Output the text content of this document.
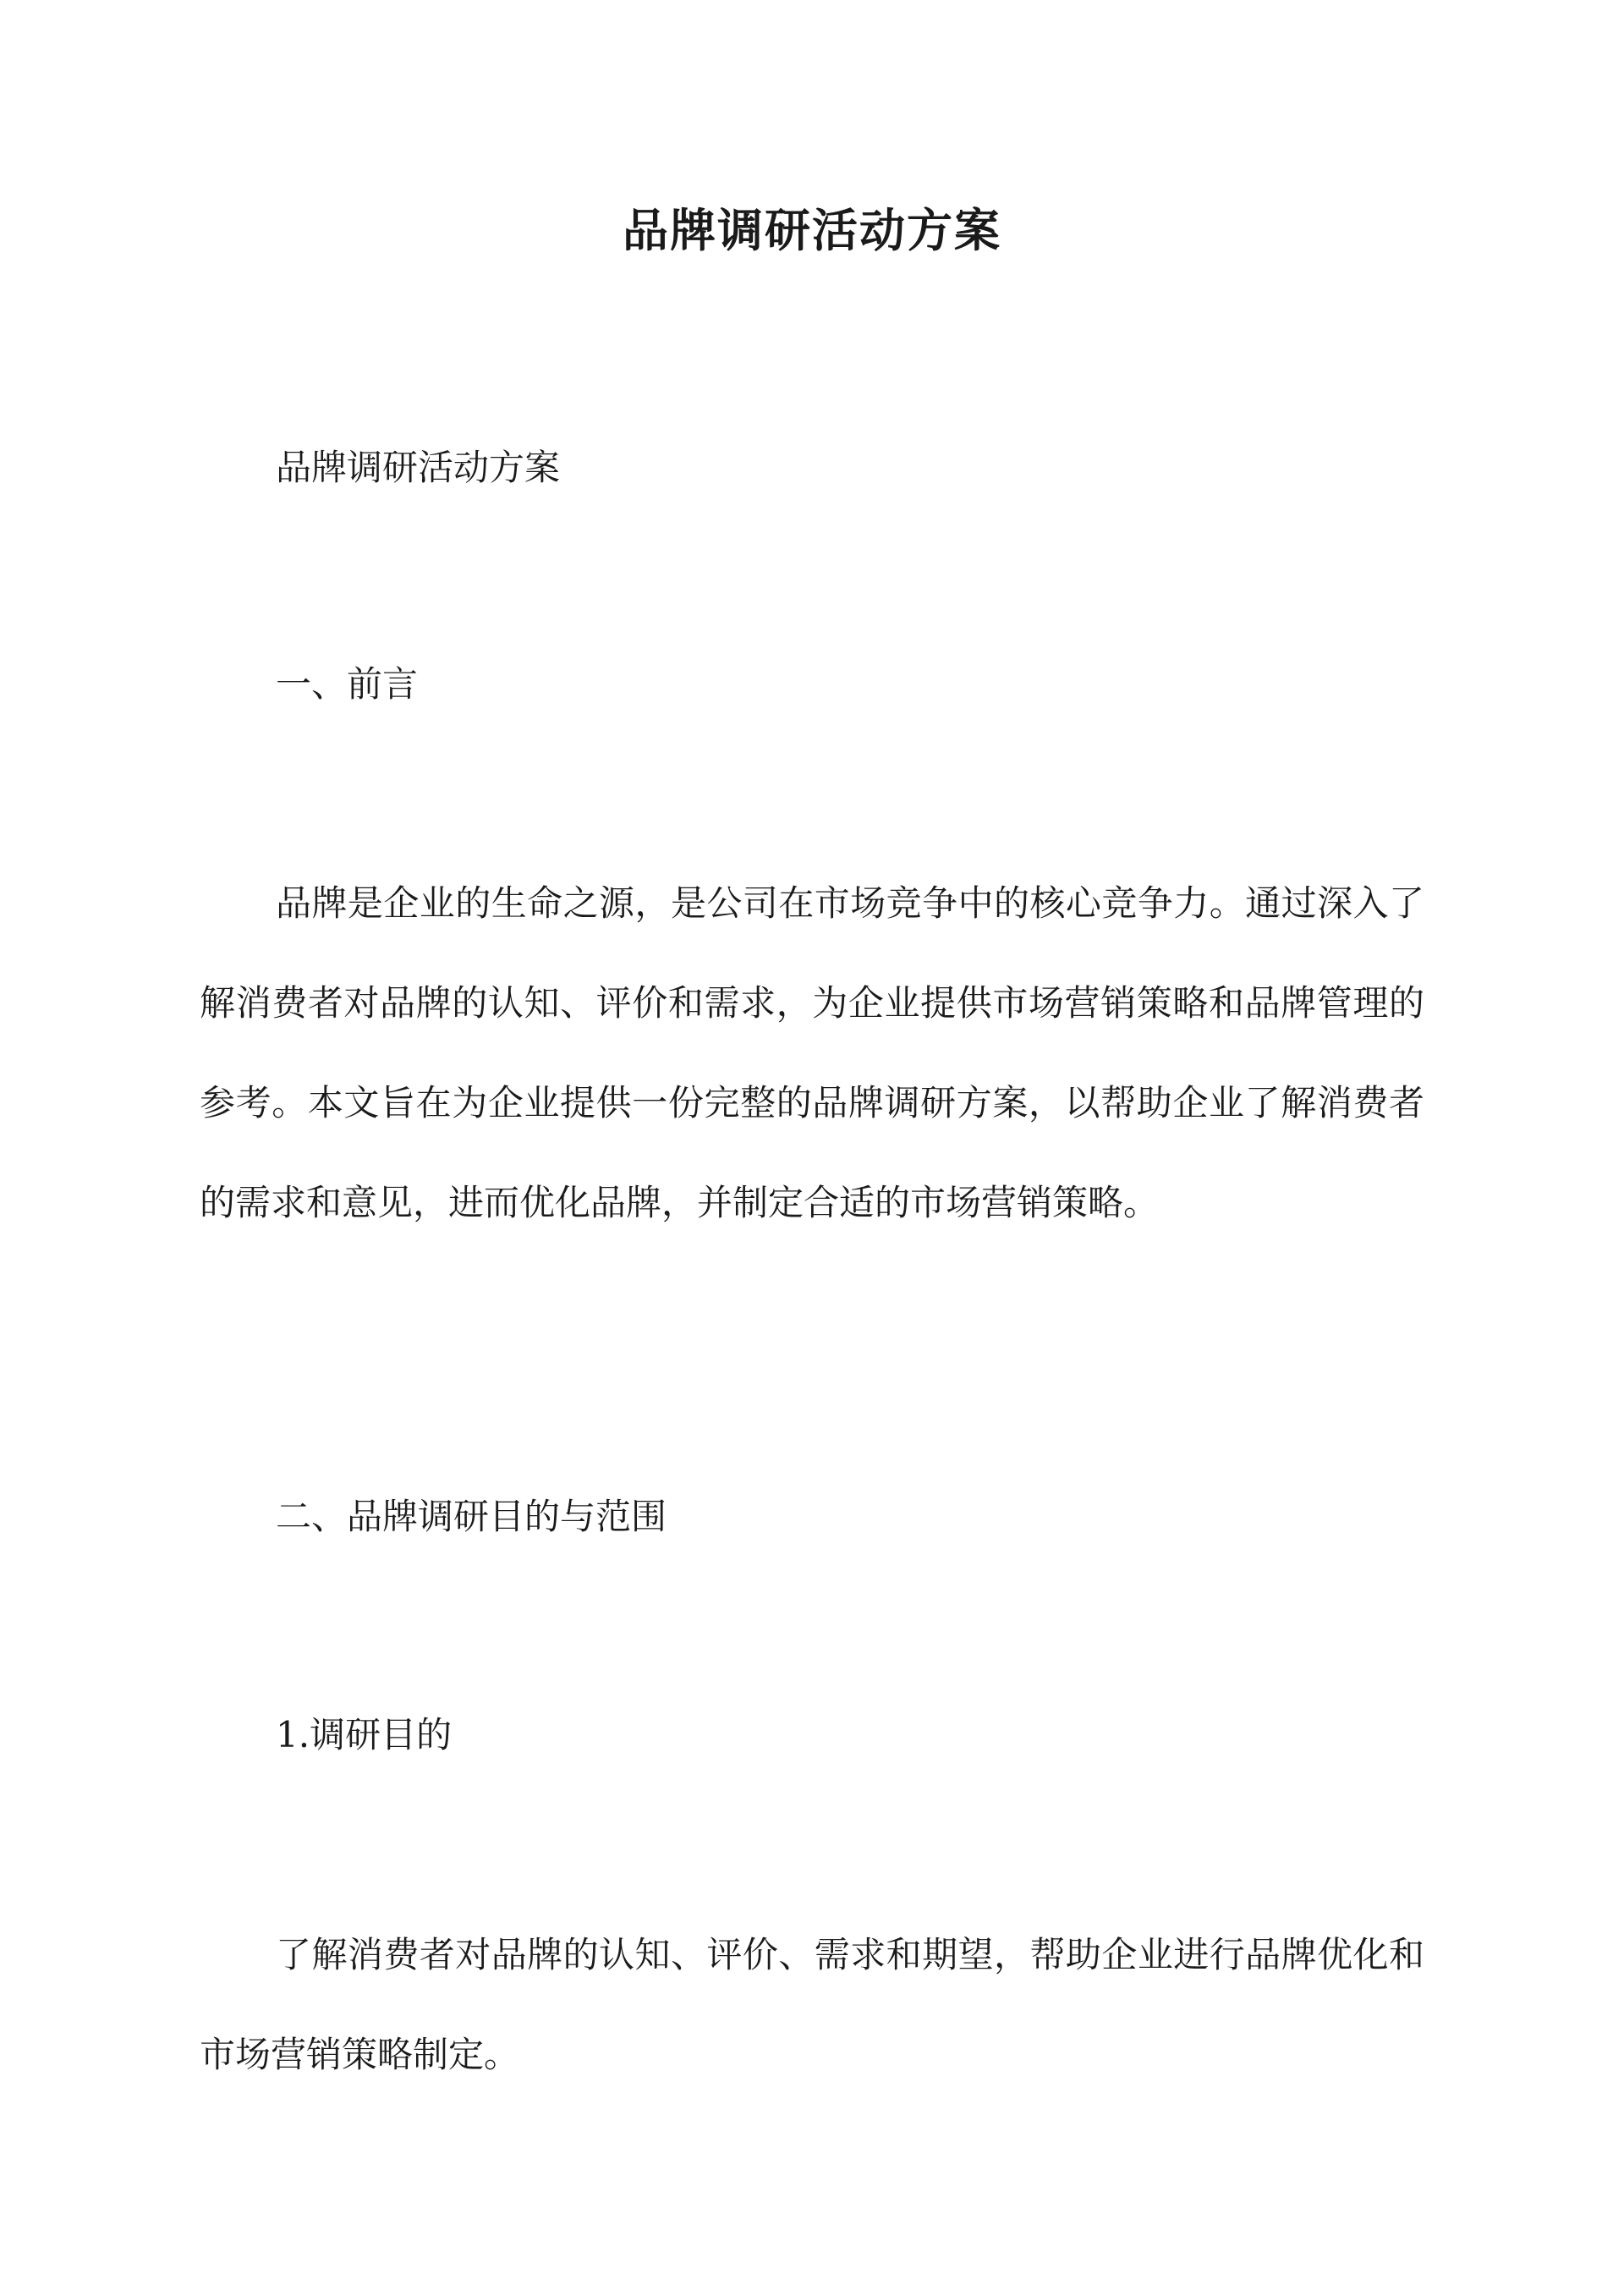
品牌调研活动方案

品牌调研活动方案

一、前言

品牌是企业的生命之源，是公司在市场竞争中的核心竞争力。通过深入了解消费者对品牌的认知、评价和需求，为企业提供市场营销策略和品牌管理的参考。本文旨在为企业提供一份完整的品牌调研方案，以帮助企业了解消费者的需求和意见，进而优化品牌，并制定合适的市场营销策略。

二、品牌调研目的与范围

1.调研目的

了解消费者对品牌的认知、评价、需求和期望，帮助企业进行品牌优化和市场营销策略制定。
